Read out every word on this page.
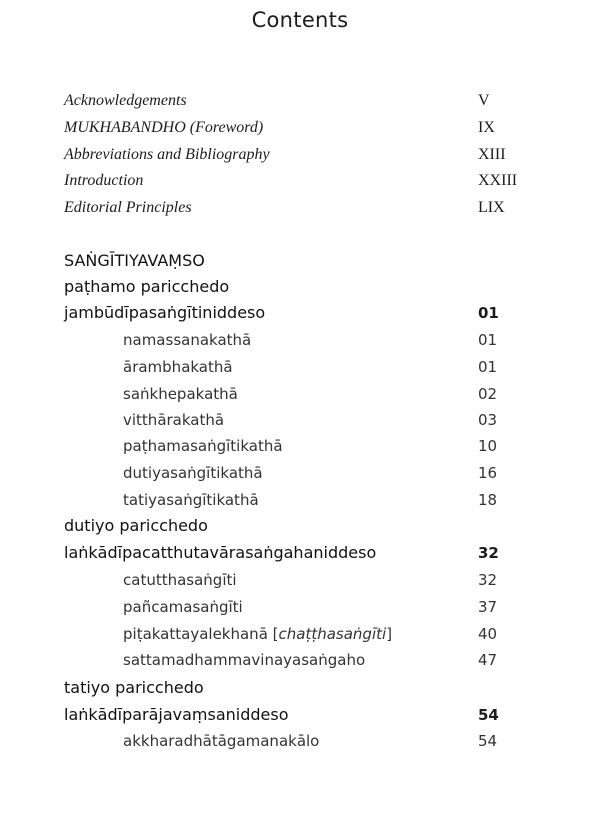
Contents
Acknowledgements	V
MUKHABANDHO (Foreword)	IX
Abbreviations and Bibliography	XIII
Introduction	XXIII
Editorial Principles	LIX
SAṄGĪTIYAVAṂSO
paṭhamo paricchedo
jambūdīpasaṅgītiniddeso	01
namassanakathā	01
ārambhakathā	01
saṅkhepakathā	02
vitthārakathā	03
paṭhamasaṅgītikathā	10
dutiyasaṅgītikathā	16
tatiyasaṅgītikathā	18
dutiyo paricchedo
laṅkādīpacatthutavārasaṅgahaniddeso	32
catutthasaṅgīti	32
pañcamasaṅgīti	37
piṭakattayalekhanā [chaṭṭhasaṅgīti]	40
sattamadhammavinayasaṅgaho	47
tatiyo paricchedo
laṅkādīparājavaṃsaniddeso	54
akkharadhātāgamanakālo	54
